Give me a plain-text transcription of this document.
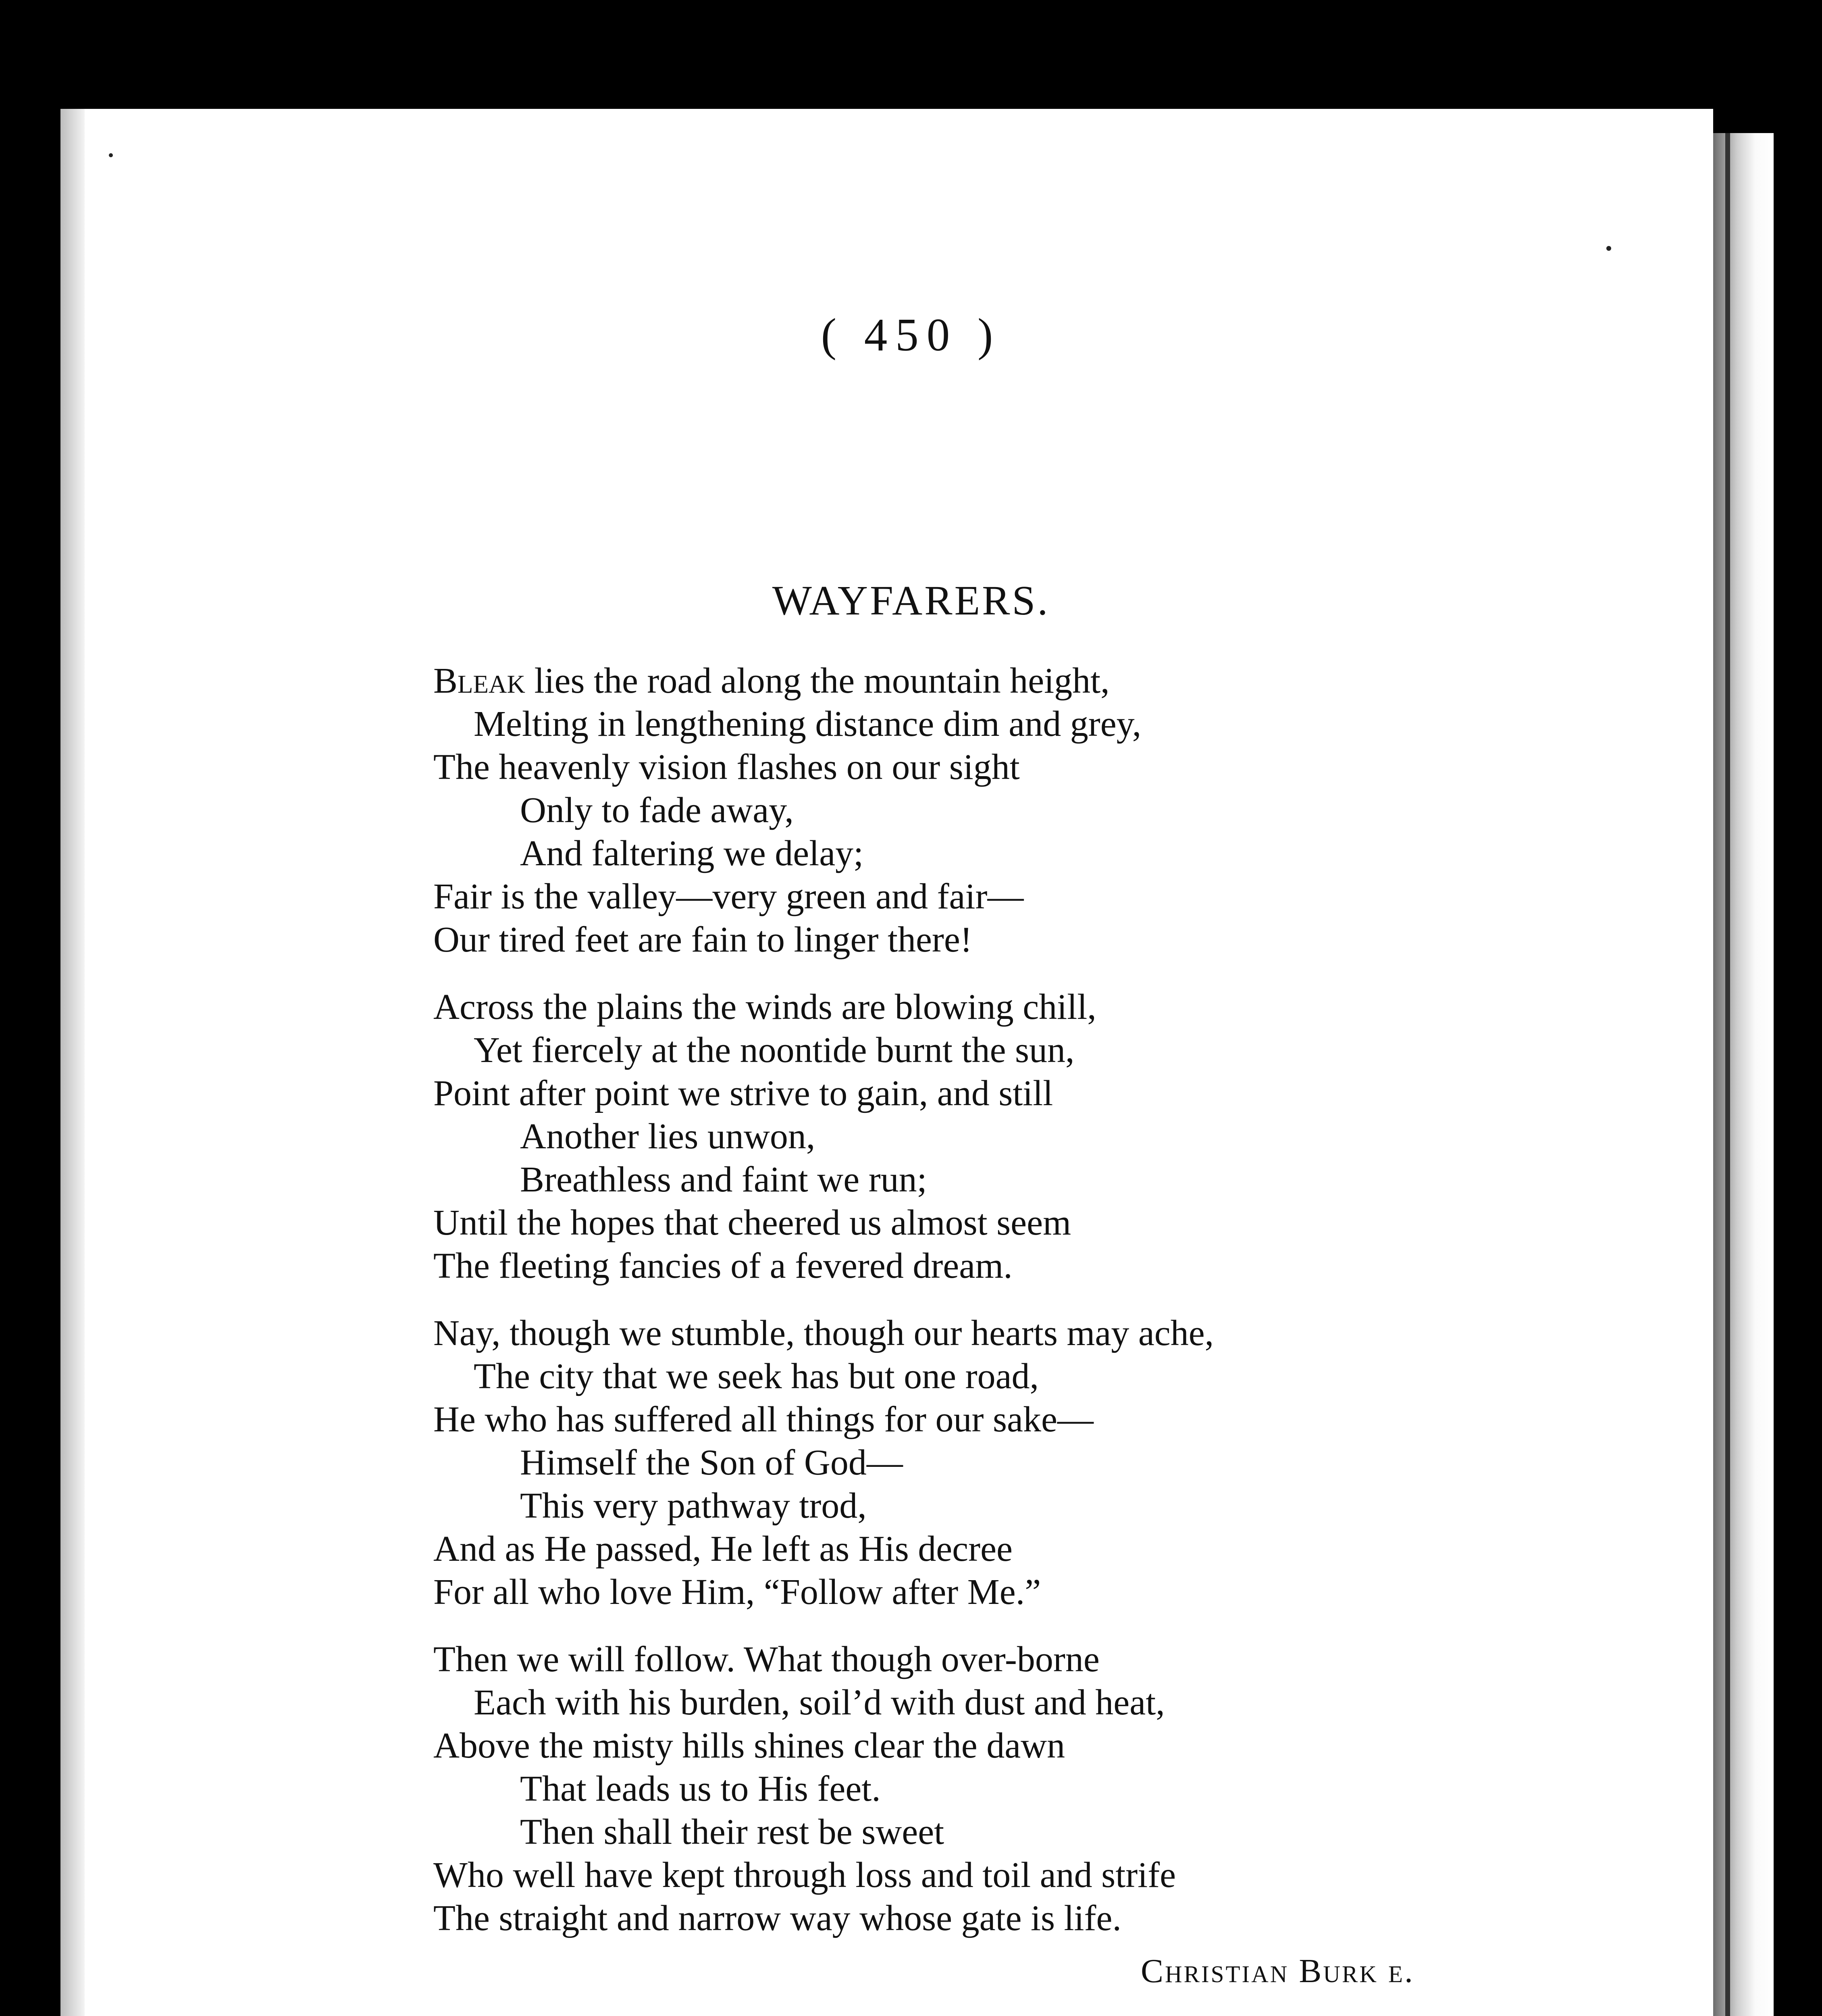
( 450 )
WAYFARERS.
Bleak lies the road along the mountain height,
Melting in lengthening distance dim and grey,
The heavenly vision flashes on our sight
Only to fade away,
And faltering we delay;
Fair is the valley—very green and fair—
Our tired feet are fain to linger there!
Across the plains the winds are blowing chill,
Yet fiercely at the noontide burnt the sun,
Point after point we strive to gain, and still
Another lies unwon,
Breathless and faint we run;
Until the hopes that cheered us almost seem
The fleeting fancies of a fevered dream.
Nay, though we stumble, though our hearts may ache,
The city that we seek has but one road,
He who has suffered all things for our sake—
Himself the Son of God—
This very pathway trod,
And as He passed, He left as His decree
For all who love Him, “Follow after Me.”
Then we will follow. What though over-borne
Each with his burden, soil’d with dust and heat,
Above the misty hills shines clear the dawn
That leads us to His feet.
Then shall their rest be sweet
Who well have kept through loss and toil and strife
The straight and narrow way whose gate is life.
Christian Burk e.
